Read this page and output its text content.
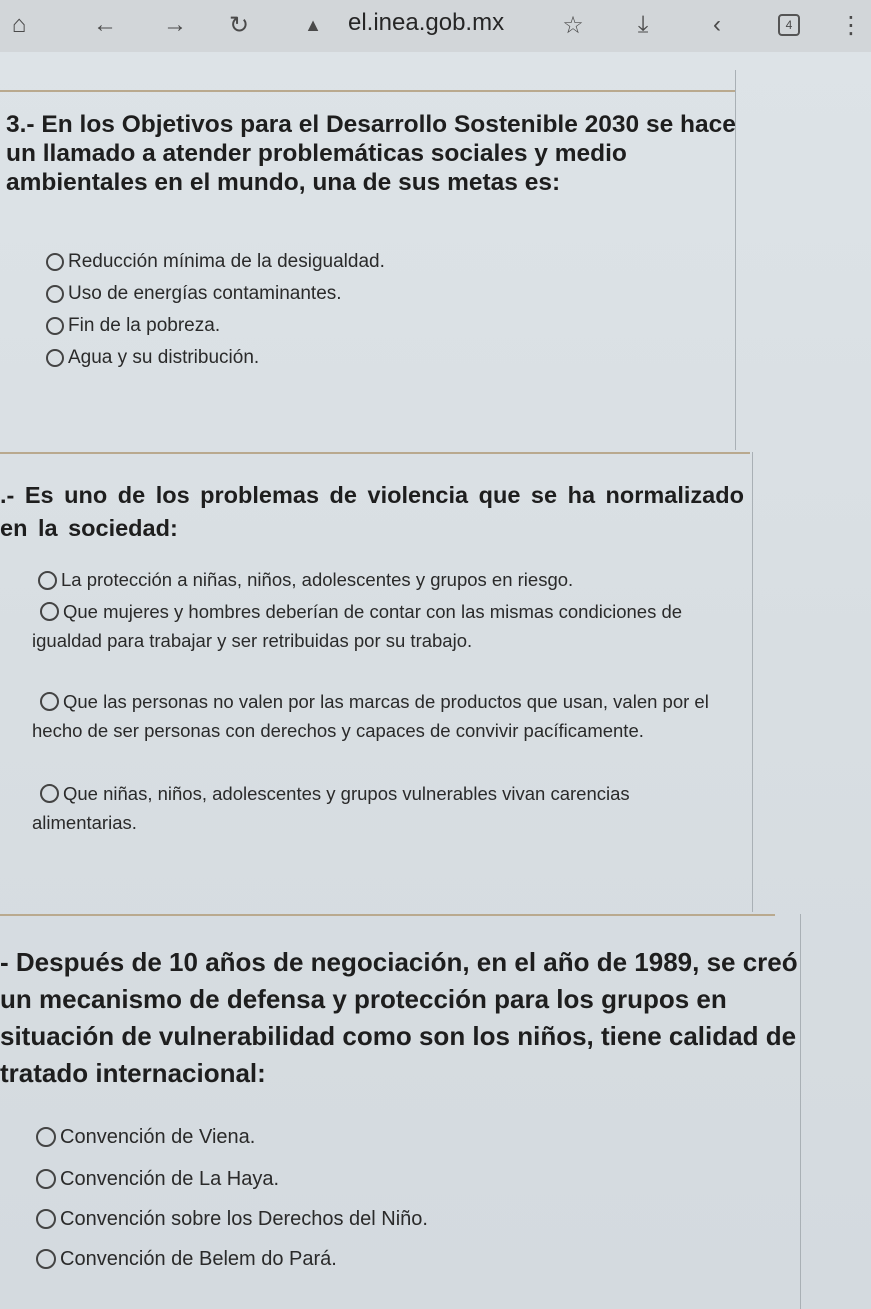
⌂	← → ↻	▲	el.inea.gob.mx ☆	⤓	‹	4	⋮

3.- En los Objetivos para el Desarrollo Sostenible 2030 se hace un llamado a atender problemáticas sociales y medio ambientales en el mundo, una de sus metas es:

Reducción mínima de la desigualdad.
Uso de energías contaminantes.
Fin de la pobreza.
Agua y su distribución.

.- Es uno de los problemas de violencia que se ha normalizado en la sociedad:

La protección a niñas, niños, adolescentes y grupos en riesgo.
Que mujeres y hombres deberían de contar con las mismas condiciones de igualdad para trabajar y ser retribuidas por su trabajo.
Que las personas no valen por las marcas de productos que usan, valen por el hecho de ser personas con derechos y capaces de convivir pacíficamente.
Que niñas, niños, adolescentes y grupos vulnerables vivan carencias alimentarias.

- Después de 10 años de negociación, en el año de 1989, se creó un mecanismo de defensa y protección para los grupos en situación de vulnerabilidad como son los niños, tiene calidad de tratado internacional:

Convención de Viena.
Convención de La Haya.
Convención sobre los Derechos del Niño.
Convención de Belem do Pará.
